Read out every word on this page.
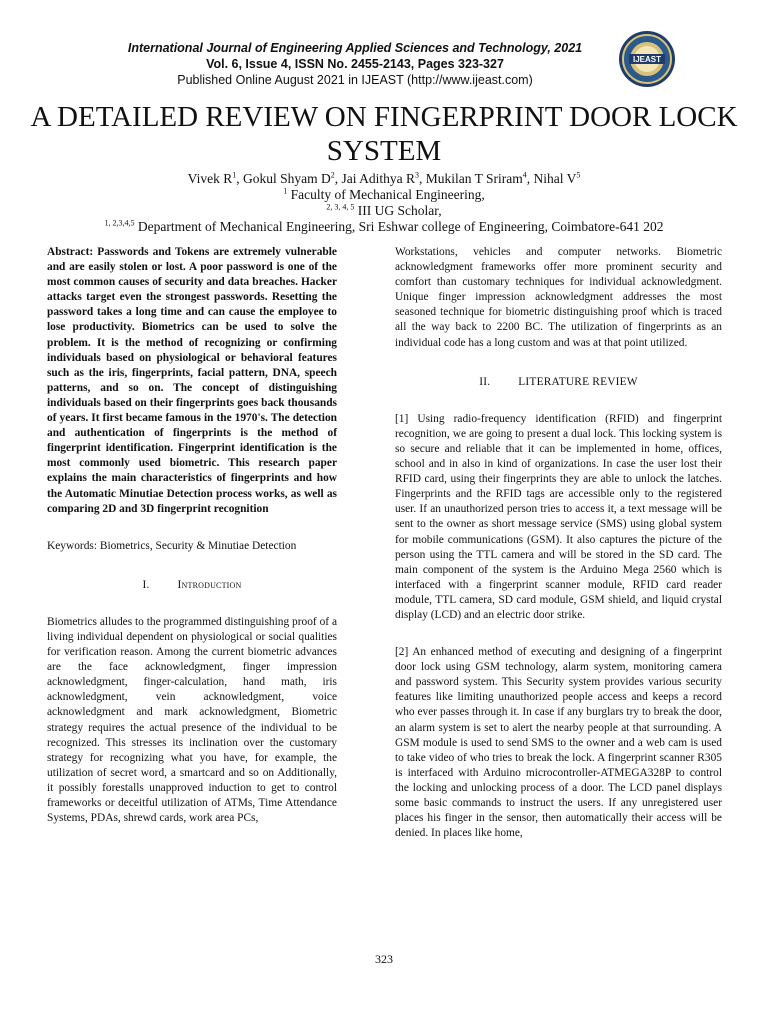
International Journal of Engineering Applied Sciences and Technology, 2021
Vol. 6, Issue 4, ISSN No. 2455-2143, Pages 323-327
Published Online August 2021 in IJEAST (http://www.ijeast.com)
IJEAST
A DETAILED REVIEW ON FINGERPRINT DOOR LOCK SYSTEM
Vivek $R^1$, Gokul Shyam $D^2$, Jai Adithya $R^3$, Mukilan T Sriram$^4$, Nihal $V^5$
$^1$ Faculty of Mechanical Engineering,
$^{2, 3, 4, 5}$ III UG Scholar,
$^{1, 2,3,4,5}$ Department of Mechanical Engineering, Sri Eshwar college of Engineering, Coimbatore-641 202

Abstract: Passwords and Tokens are extremely vulnerable and are easily stolen or lost. A poor password is one of the most common causes of security and data breaches. Hacker attacks target even the strongest passwords. Resetting the password takes a long time and can cause the employee to lose productivity. Biometrics can be used to solve the problem. It is the method of recognizing or confirming individuals based on physiological or behavioral features such as the iris, fingerprints, facial pattern, DNA, speech patterns, and so on. The concept of distinguishing individuals based on their fingerprints goes back thousands of years. It first became famous in the 1970's. The detection and authentication of fingerprints is the method of fingerprint identification. Fingerprint identification is the most commonly used biometric. This research paper explains the main characteristics of fingerprints and how the Automatic Minutiae Detection process works, as well as comparing 2D and 3D fingerprint recognition

Keywords: Biometrics, Security & Minutiae Detection

I. Introduction

Biometrics alludes to the programmed distinguishing proof of a living individual dependent on physiological or social qualities for verification reason. Among the current biometric advances are the face acknowledgment, finger impression acknowledgment, finger-calculation, hand math, iris acknowledgment, vein acknowledgment, voice acknowledgment and mark acknowledgment, Biometric strategy requires the actual presence of the individual to be recognized. This stresses its inclination over the customary strategy for recognizing what you have, for example, the utilization of secret word, a smartcard and so on Additionally, it possibly forestalls unapproved induction to get to control frameworks or deceitful utilization of ATMs, Time Attendance Systems, PDAs, shrewd cards, work area PCs,

Workstations, vehicles and computer networks. Biometric acknowledgment frameworks offer more prominent security and comfort than customary techniques for individual acknowledgment. Unique finger impression acknowledgment addresses the most seasoned technique for biometric distinguishing proof which is traced all the way back to 2200 BC. The utilization of fingerprints as an individual code has a long custom and was at that point utilized.

II. LITERATURE REVIEW

[1] Using radio-frequency identification (RFID) and fingerprint recognition, we are going to present a dual lock. This locking system is so secure and reliable that it can be implemented in home, offices, school and in also in kind of organizations. In case the user lost their RFID card, using their fingerprints they are able to unlock the latches. Fingerprints and the RFID tags are accessible only to the registered user. If an unauthorized person tries to access it, a text message will be sent to the owner as short message service (SMS) using global system for mobile communications (GSM). It also captures the picture of the person using the TTL camera and will be stored in the SD card. The main component of the system is the Arduino Mega 2560 which is interfaced with a fingerprint scanner module, RFID card reader module, TTL camera, SD card module, GSM shield, and liquid crystal display (LCD) and an electric door strike.

[2] An enhanced method of executing and designing of a fingerprint door lock using GSM technology, alarm system, monitoring camera and password system. This Security system provides various security features like limiting unauthorized people access and keeps a record who ever passes through it. In case if any burglars try to break the door, an alarm system is set to alert the nearby people at that surrounding. A GSM module is used to send SMS to the owner and a web cam is used to take video of who tries to break the lock. A fingerprint scanner R305 is interfaced with Arduino microcontroller-ATMEGA328P to control the locking and unlocking process of a door. The LCD panel displays some basic commands to instruct the users. If any unregistered user places his finger in the sensor, then automatically their access will be denied. In places like home,

323
